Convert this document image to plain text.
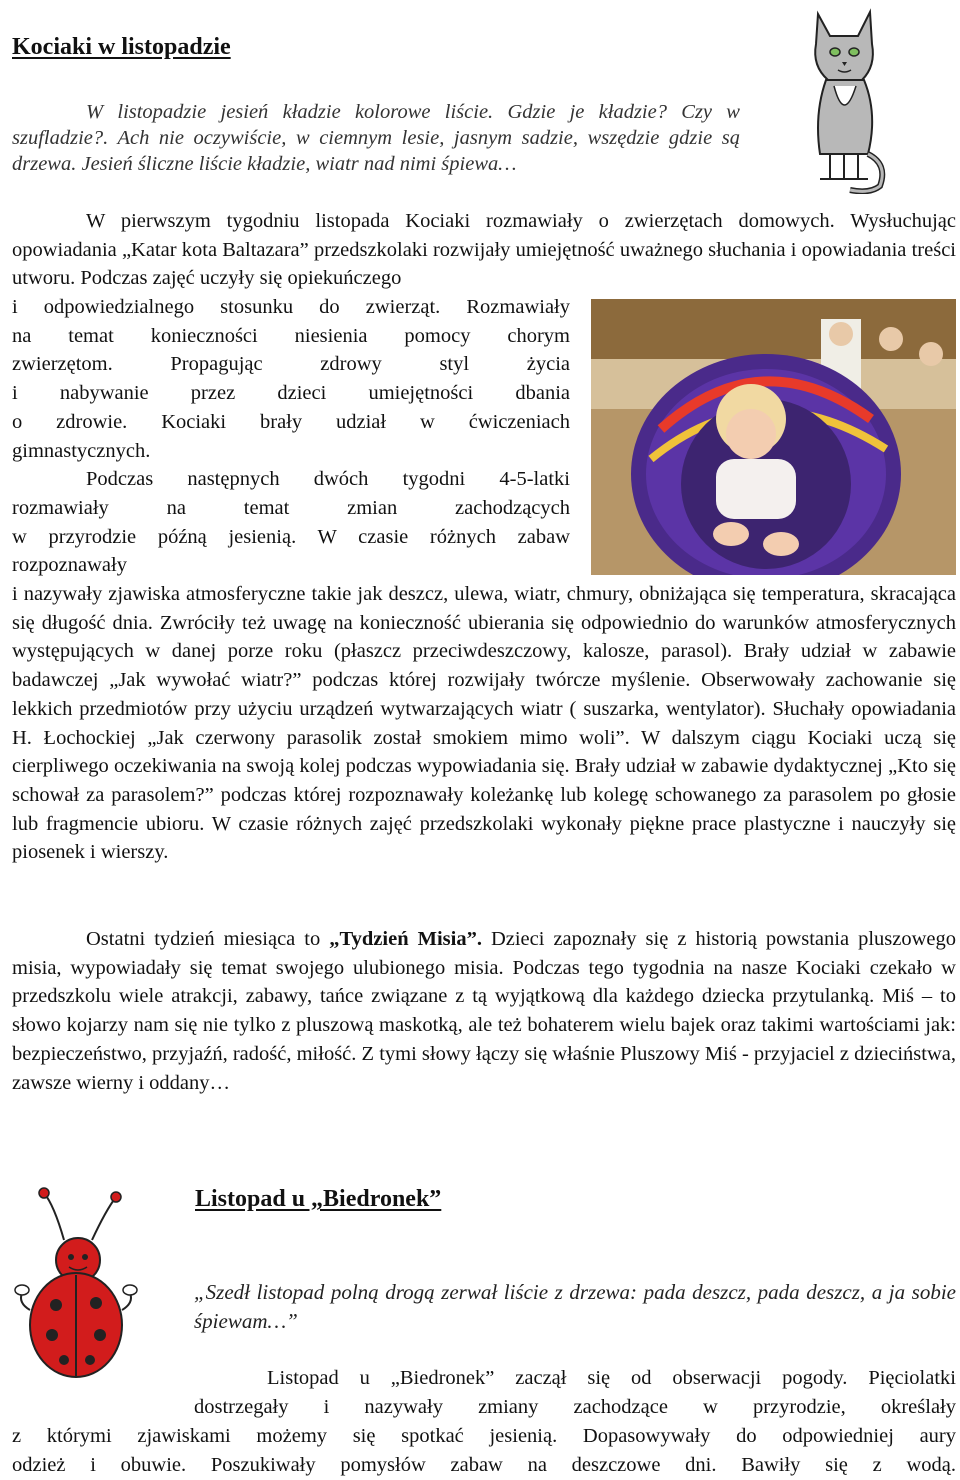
Kociaki w listopadzie
W listopadzie jesień kładzie kolorowe liście. Gdzie je kładzie? Czy w szufladzie?. Ach nie oczywiście, w ciemnym lesie, jasnym sadzie, wszędzie gdzie są drzewa. Jesień śliczne liście kładzie, wiatr nad nimi śpiewa…

W pierwszym tygodniu listopada Kociaki rozmawiały o zwierzętach domowych. Wysłuchując opowiadania „Katar kota Baltazara” przedszkolaki rozwijały umiejętność uważnego słuchania i opowiadania treści utworu. Podczas zajęć uczyły się opiekuńczego

i odpowiedzialnego stosunku do zwierząt. Rozmawiały
na temat konieczności niesienia pomocy chorym
zwierzętom. Propagując zdrowy styl życia
i nabywanie przez dzieci umiejętności dbania
o zdrowie. Kociaki brały udział w ćwiczeniach
gimnastycznych.
Podczas następnych dwóch tygodni 4-5-latki
rozmawiały na temat zmian zachodzących
w przyrodzie późną jesienią. W czasie różnych zabaw
rozpoznawały

i nazywały zjawiska atmosferyczne takie jak deszcz, ulewa, wiatr, chmury, obniżająca się temperatura, skracająca się długość dnia. Zwróciły też uwagę na konieczność ubierania się odpowiednio do warunków atmosferycznych występujących w danej porze roku (płaszcz przeciwdeszczowy, kalosze, parasol). Brały udział w zabawie badawczej „Jak wywołać wiatr?” podczas której rozwijały twórcze myślenie. Obserwowały zachowanie się lekkich przedmiotów przy użyciu urządzeń wytwarzających wiatr ( suszarka, wentylator). Słuchały opowiadania H. Łochockiej „Jak czerwony parasolik został smokiem mimo woli”. W dalszym ciągu Kociaki uczą się cierpliwego oczekiwania na swoją kolej podczas wypowiadania się. Brały udział w zabawie dydaktycznej „Kto się schował za parasolem?” podczas której rozpoznawały koleżankę lub kolegę schowanego za parasolem po głosie lub fragmencie ubioru. W czasie różnych zajęć przedszkolaki wykonały piękne prace plastyczne i nauczyły się piosenek i wierszy.

Ostatni tydzień miesiąca to „Tydzień Misia”. Dzieci zapoznały się z historią powstania pluszowego misia, wypowiadały się temat swojego ulubionego misia. Podczas tego tygodnia na nasze Kociaki czekało w przedszkolu wiele atrakcji, zabawy, tańce związane z tą wyjątkową dla każdego dziecka przytulanką. Miś – to słowo kojarzy nam się nie tylko z pluszową maskotką, ale też bohaterem wielu bajek oraz takimi wartościami jak: bezpieczeństwo, przyjaźń, radość, miłość. Z tymi słowy łączy się właśnie Pluszowy Miś - przyjaciel z dzieciństwa, zawsze wierny i oddany…

Listopad u „Biedronek”
„Szedł listopad polną drogą zerwał liście z drzewa: pada deszcz, pada deszcz, a ja sobie śpiewam…”
Listopad u „Biedronek” zaczął się od obserwacji pogody. Pięciolatki
dostrzegały i nazywały zmiany zachodzące w przyrodzie, określały
z którymi zjawiskami możemy się spotkać jesienią. Dopasowywały do odpowiedniej aury
odzież i obuwie. Poszukiwały pomysłów zabaw na deszczowe dni. Bawiły się z wodą.
